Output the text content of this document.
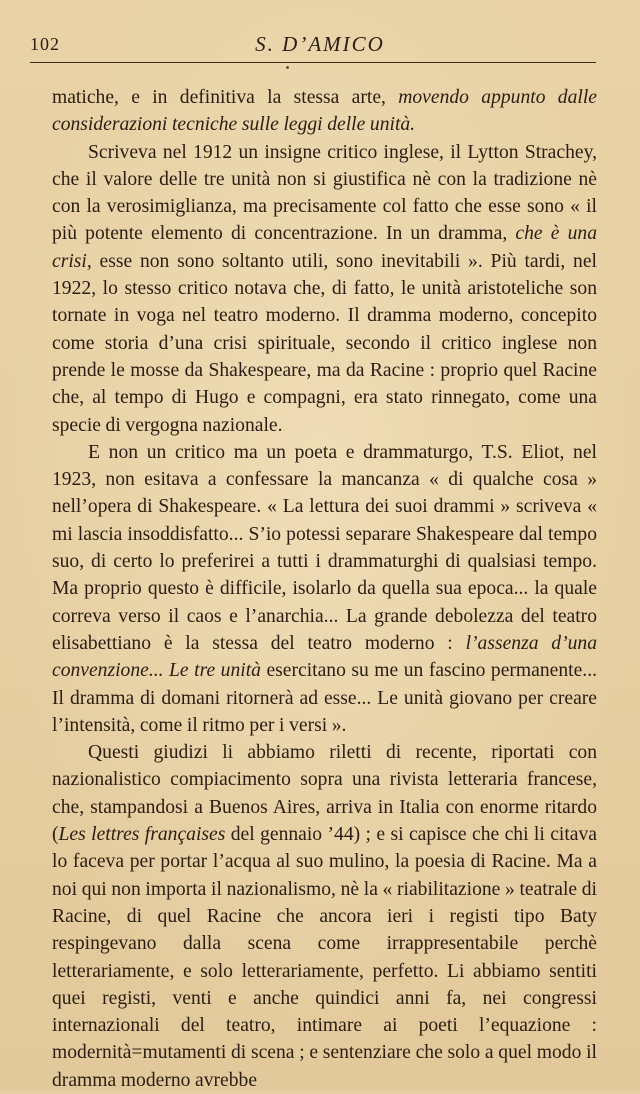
102	S. D’AMICO

matiche, e in definitiva la stessa arte, movendo appunto dalle considerazioni tecniche sulle leggi delle unità.

Scriveva nel 1912 un insigne critico inglese, il Lytton Strachey, che il valore delle tre unità non si giustifica nè con la tradizione nè con la verosimiglianza, ma precisamente col fatto che esse sono « il più potente elemento di concentrazione. In un dramma, che è una crisi, esse non sono soltanto utili, sono inevitabili ». Più tardi, nel 1922, lo stesso critico notava che, di fatto, le unità aristoteliche son tornate in voga nel teatro moderno. Il dramma moderno, concepito come storia d’una crisi spirituale, secondo il critico inglese non prende le mosse da Shakespeare, ma da Racine : proprio quel Racine che, al tempo di Hugo e compagni, era stato rinnegato, come una specie di vergogna nazionale.

E non un critico ma un poeta e drammaturgo, T.S. Eliot, nel 1923, non esitava a confessare la mancanza « di qualche cosa » nell’opera di Shakespeare. « La lettura dei suoi drammi » scriveva « mi lascia insoddisfatto... S’io potessi separare Shakespeare dal tempo suo, di certo lo preferirei a tutti i drammaturghi di qualsiasi tempo. Ma proprio questo è difficile, isolarlo da quella sua epoca... la quale correva verso il caos e l’anarchia... La grande debolezza del teatro elisabettiano è la stessa del teatro moderno : l’assenza d’una convenzione... Le tre unità esercitano su me un fascino permanente... Il dramma di domani ritornerà ad esse... Le unità giovano per creare l’intensità, come il ritmo per i versi ».

Questi giudizi li abbiamo riletti di recente, riportati con nazionalistico compiacimento sopra una rivista letteraria francese, che, stampandosi a Buenos Aires, arriva in Italia con enorme ritardo (Les lettres françaises del gennaio ’44) ; e si capisce che chi li citava lo faceva per portar l’acqua al suo mulino, la poesia di Racine. Ma a noi qui non importa il nazionalismo, nè la « riabilitazione » teatrale di Racine, di quel Racine che ancora ieri i registi tipo Baty respingevano dalla scena come irrappresentabile perchè letterariamente, e solo letterariamente, perfetto. Li abbiamo sentiti quei registi, venti e anche quindici anni fa, nei congressi internazionali del teatro, intimare ai poeti l’equazione : modernità=mutamenti di scena ; e sentenziare che solo a quel modo il dramma moderno avrebbe
